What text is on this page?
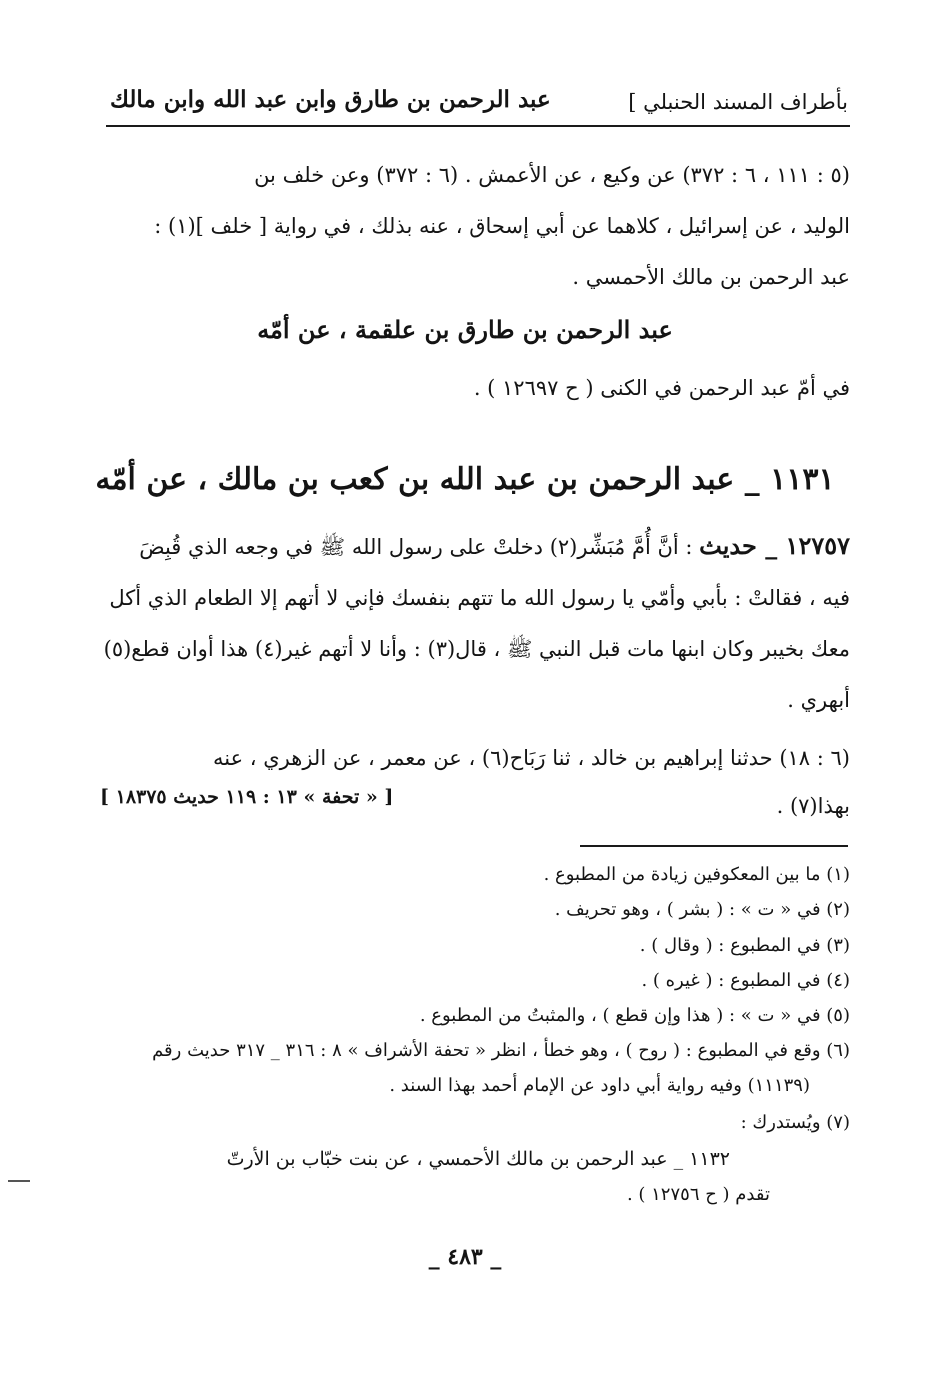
بأطراف المسند الحنبلي ]
عبد الرحمن بن طارق وابن عبد الله وابن مالك
(٥ : ١١١ ، ٦ : ٣٧٢) عن وكيع ، عن الأعمش . (٦ : ٣٧٢) وعن خلف بن
الوليد ، عن إسرائيل ، كلاهما عن أبي إسحاق ، عنه بذلك ، في رواية [ خلف ](١) :
عبد الرحمن بن مالك الأحمسي .
عبد الرحمن بن طارق بن علقمة ، عن أمّه
في أمّ عبد الرحمن في الكنى ( ح ١٢٦٩٧ ) .
١١٣١ _ عبد الرحمن بن عبد الله بن كعب بن مالك ، عن أمّه
١٢٧٥٧ _ حديث : أنَّ أُمَّ مُبَشِّر(٢) دخلتْ على رسول الله ﷺ في وجعه الذي قُبِضَ
فيه ، فقالتْ : بأبي وأمّي يا رسول الله ما تتهم بنفسك فإني لا أتهم إلا الطعام الذي أكل
معك بخيبر وكان ابنها مات قبل النبي ﷺ ، قال(٣) : وأنا لا أتهم غير(٤) هذا أوان قطع(٥)
أبهري .
(٦ : ١٨) حدثنا إبراهيم بن خالد ، ثنا رَبَاح(٦) ، عن معمر ، عن الزهري ، عنه
بهذا(٧) .
[ « تحفة » ١٣ : ١١٩ حديث ١٨٣٧٥ ]
(١) ما بين المعكوفين زيادة من المطبوع .
(٢) في « ت » : ( بشر ) ، وهو تحريف .
(٣) في المطبوع : ( وقال ) .
(٤) في المطبوع : ( غيره ) .
(٥) في « ت » : ( هذا وإن قطع ) ، والمثبتُ من المطبوع .
(٦) وقع في المطبوع : ( روح ) ، وهو خطأ ، انظر « تحفة الأشراف » ٨ : ٣١٦ _ ٣١٧ حديث رقم
(١١١٣٩) وفيه رواية أبي داود عن الإمام أحمد بهذا السند .
(٧) ويُستدرك :
١١٣٢ _ عبد الرحمن بن مالك الأحمسي ، عن بنت خبّاب بن الأرتّ
تقدم ( ح ١٢٧٥٦ ) .
_ ٤٨٣ _
